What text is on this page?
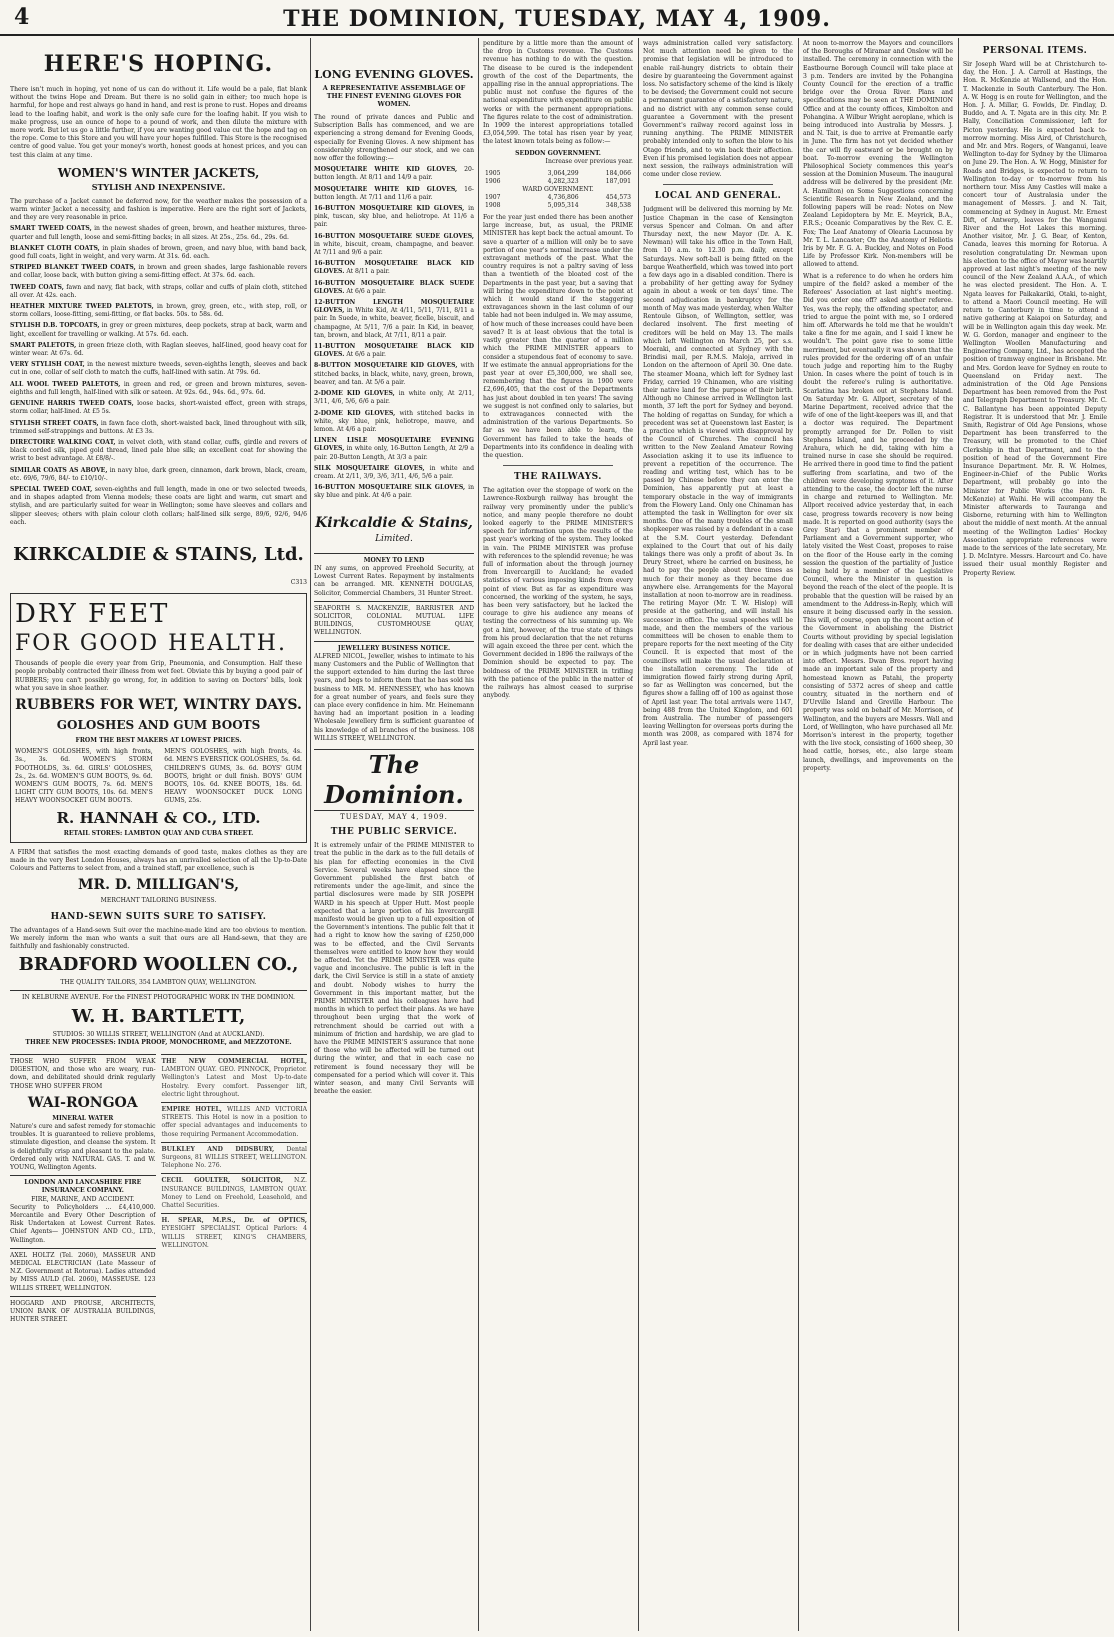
4	THE DOMINION, TUESDAY, MAY 4, 1909.
HERE'S HOPING.

There isn't much in hoping, yet none of us can do without it. Life would be a pale, flat blank without the twins Hope and Dream. But there is no solid gain in either; too much hope is harmful, for hope and rest always go hand in hand, and rest is prone to rust. Hopes and dreams lead to the loafing habit, and work is the only safe cure for the loafing habit. If you wish to make progress, use an ounce of hope to a pound of work, and then dilute the mixture with more work. But let us go a little further, if you are wanting good value cut the hope and tag on the rope. Come to this Store and you will have your hopes fulfilled. This Store is the recognised centre of good value. You get your money's worth, honest goods at honest prices, and you can test this claim at any time.

WOMEN'S WINTER JACKETS,
STYLISH AND INEXPENSIVE.

The purchase of a Jacket cannot be deferred now, for the weather makes the possession of a warm winter Jacket a necessity, and fashion is imperative. Here are the right sort of Jackets, and they are very reasonable in price.

SMART TWEED COATS, in the newest shades of green, brown, and heather mixtures, three-quarter and full length, loose and semi-fitting backs; in all sizes. At 25s., 25s. 6d., 29s. 6d.
BLANKET CLOTH COATS, in plain shades of brown, green, and navy blue, with band back, good full coats, light in weight, and very warm. At 31s. 6d. each.
STRIPED BLANKET TWEED COATS, in brown and green shades, large fashionable revers and collar, loose back, with button giving a semi-fitting effect. At 37s. 6d. each.
TWEED COATS, fawn and navy, flat back, with straps, collar and cuffs of plain cloth, stitched all over. At 42s. each.
HEATHER MIXTURE TWEED PALETOTS, in brown, grey, green, etc., with step, roll, or storm collars, loose-fitting, semi-fitting, or flat backs. 50s. to 58s. 6d.
STYLISH D.B. TOPCOATS, in grey or green mixtures, deep pockets, strap at back, warm and light, excellent for travelling or walking. At 57s. 6d. each.
SMART PALETOTS, in green frieze cloth, with Raglan sleeves, half-lined, good heavy coat for winter wear. At 67s. 6d.
VERY STYLISH COAT, in the newest mixture tweeds, seven-eighths length, sleeves and back cut in one, collar of self cloth to match the cuffs, half-lined with satin. At 79s. 6d.
ALL WOOL TWEED PALETOTS, in green and red, or green and brown mixtures, seven-eighths and full length, half-lined with silk or sateen. At 92s. 6d., 94s. 6d., 97s. 6d.
GENUINE HARRIS TWEED COATS, loose backs, short-waisted effect, green with straps, storm collar, half-lined. At £5 5s.
STYLISH STREET COATS, in fawn face cloth, short-waisted back, lined throughout with silk, trimmed self-strappings and buttons. At £3 3s.
DIRECTOIRE WALKING COAT, in velvet cloth, with stand collar, cuffs, girdle and revers of black corded silk, piped gold thread, lined pale blue silk; an excellent coat for showing the wrist to best advantage. At £8/8/-.
SIMILAR COATS AS ABOVE, in navy blue, dark green, cinnamon, dark brown, black, cream, etc. 69/6, 79/6, 84/- to £10/10/-.
SPECIAL TWEED COAT, seven-eighths and full length, made in one or two selected tweeds, and in shapes adapted from Vienna models; these coats are light and warm, cut smart and stylish, and are particularly suited for wear in Wellington; some have sleeves and collars and slipper sleeves; others with plain colour cloth collars; half-lined silk serge, 89/6, 92/6, 94/6 each.
KIRKCALDIE & STAINS, Ltd.
C313
DRY FEET
FOR GOOD HEALTH.

Thousands of people die every year from Grip, Pneumonia, and Consumption. Half these people probably contracted their illness from wet feet. Obviate this by buying a good pair of RUBBERS; you can't possibly go wrong, for, in addition to saving on Doctors' bills, look what you save in shoe leather.

RUBBERS FOR WET, WINTRY DAYS.
GOLOSHES AND GUM BOOTS
FROM THE BEST MAKERS AT LOWEST PRICES.
WOMEN'S GOLOSHES, with high fronts, 3s., 3s. 6d. WOMEN'S STORM FOOTHOLDS, 3s. 6d. GIRLS' GOLOSHES, 2s., 2s. 6d. WOMEN'S GUM BOOTS, 9s. 6d. WOMEN'S GUM BOOTS, 7s. 6d. MEN'S LIGHT CITY GUM BOOTS, 10s. 6d. MEN'S HEAVY WOONSOCKET GUM BOOTS.
MEN'S GOLOSHES, with high fronts, 4s. 6d. MEN'S EVERSTICK GOLOSHES, 5s. 6d. CHILDREN'S GUMS, 3s. 6d. BOYS' GUM BOOTS, bright or dull finish. BOYS' GUM BOOTS, 10s. 6d. KNEE BOOTS, 18s. 6d. HEAVY WOONSOCKET DUCK LONG GUMS, 25s.
R. HANNAH & CO., LTD.
RETAIL STORES: LAMBTON QUAY AND CUBA STREET.

A FIRM that satisfies the most exacting demands of good taste, makes clothes as they are made in the very Best London Houses, always has an unrivalled selection of all the Up-to-Date Colours and Patterns to select from, and a trained staff, par excellence, such is

MR. D. MILLIGAN'S,
MERCHANT TAILORING BUSINESS.
HAND-SEWN SUITS SURE TO SATISFY.

The advantages of a Hand-sewn Suit over the machine-made kind are too obvious to mention. We merely inform the man who wants a suit that ours are all Hand-sewn, that they are faithfully and fashionably constructed.

BRADFORD WOOLLEN CO.,
THE QUALITY TAILORS, 354 LAMBTON QUAY, WELLINGTON.
IN KELBURNE AVENUE. For the FINEST PHOTOGRAPHIC WORK IN THE DOMINION.
W. H. BARTLETT,
STUDIOS: 30 WILLIS STREET, WELLINGTON (And at AUCKLAND).
THREE NEW PROCESSES: INDIA PROOF, MONOCHROME, and MEZZOTONE.
THOSE WHO SUFFER FROM WEAK DIGESTION, and those who are weary, run-down, and debilitated should drink regularly THOSE WHO SUFFER FROM
WAI-RONGOA
MINERAL WATER

Nature's cure and safest remedy for stomachic troubles. It is guaranteed to relieve problems, stimulate digestion, and cleanse the system. It is delightfully crisp and pleasant to the palate. Ordered only with NATURAL GAS. T. and W. YOUNG, Wellington Agents.

LONDON AND LANCASHIRE FIRE INSURANCE COMPANY.
FIRE, MARINE, AND ACCIDENT.

Security to Policyholders ... £4,410,000. Mercantile and Every Other Description of Risk Undertaken at Lowest Current Rates. Chief Agents— JOHNSTON AND CO., LTD., Wellington.

AXEL HOLTZ (Tel. 2060), MASSEUR AND MEDICAL ELECTRICIAN (Late Masseur of N.Z. Government at Rotorua). Ladies attended by MISS AULD (Tel. 2060), MASSEUSE. 123 WILLIS STREET, WELLINGTON.
HOGGARD AND PROUSE, ARCHITECTS, UNION BANK OF AUSTRALIA BUILDINGS, HUNTER STREET.

THE NEW COMMERCIAL HOTEL, LAMBTON QUAY. GEO. PINNOCK, Proprietor. Wellington's Latest and Most Up-to-date Hostelry. Every comfort. Passenger lift, electric light throughout.

EMPIRE HOTEL, WILLIS AND VICTORIA STREETS. This Hotel is now in a position to offer special advantages and inducements to those requiring Permanent Accommodation.

BULKLEY AND DIDSBURY, Dental Surgeons, 81 WILLIS STREET, WELLINGTON. Telephone No. 276.

CECIL GOULTER, SOLICITOR, N.Z. INSURANCE BUILDINGS, LAMBTON QUAY. Money to Lend on Freehold, Leasehold, and Chattel Securities.

H. SPEAR, M.P.S., Dr. of OPTICS, EYESIGHT SPECIALIST. Optical Parlors: 4 WILLIS STREET, KING'S CHAMBERS, WELLINGTON.

LONG EVENING GLOVES.
A REPRESENTATIVE ASSEMBLAGE OF THE FINEST EVENING GLOVES FOR WOMEN.

The round of private dances and Public and Subscription Balls has commenced, and we are experiencing a strong demand for Evening Goods, especially for Evening Gloves. A new shipment has considerably strengthened our stock, and we can now offer the following:—

MOSQUETAIRE WHITE KID GLOVES, 20-button length. At 8/11 and 14/9 a pair.
MOSQUETAIRE WHITE KID GLOVES, 16-button length. At 7/11 and 11/6 a pair.
16-BUTTON MOSQUETAIRE KID GLOVES, in pink, tuscan, sky blue, and heliotrope. At 11/6 a pair.
16-BUTTON MOSQUETAIRE SUEDE GLOVES, in white, biscuit, cream, champagne, and beaver. At 7/11 and 9/6 a pair.
16-BUTTON MOSQUETAIRE BLACK KID GLOVES. At 8/11 a pair.
16-BUTTON MOSQUETAIRE BLACK SUEDE GLOVES. At 6/6 a pair.
12-BUTTON LENGTH MOSQUETAIRE GLOVES, in White Kid, At 4/11, 5/11, 7/11, 8/11 a pair. In Suede, in white, beaver, ficelle, biscuit, and champagne, At 5/11, 7/6 a pair. In Kid, in beaver, tan, brown, and black, At 7/11, 8/11 a pair.
11-BUTTON MOSQUETAIRE BLACK KID GLOVES. At 6/6 a pair.
8-BUTTON MOSQUETAIRE KID GLOVES, with stitched backs, in black, white, navy, green, brown, beaver, and tan. At 5/6 a pair.
2-DOME KID GLOVES, in white only, At 2/11, 3/11, 4/6, 5/6, 6/6 a pair.
2-DOME KID GLOVES, with stitched backs in white, sky blue, pink, heliotrope, mauve, and lemon. At 4/6 a pair.
LINEN LISLE MOSQUETAIRE EVENING GLOVES, in white only, 16-Button Length, At 2/9 a pair. 20-Button Length, At 3/3 a pair.
SILK MOSQUETAIRE GLOVES, in white and cream. At 2/11, 3/9, 3/6, 3/11, 4/6, 5/6 a pair.
16-BUTTON MOSQUETAIRE SILK GLOVES, in sky blue and pink. At 4/6 a pair.
Kirkcaldie & Stains,
Limited.
MONEY TO LEND

IN any sums, on approved Freehold Security, at Lowest Current Rates. Repayment by instalments can be arranged. MR. KENNETH DOUGLAS, Solicitor, Commercial Chambers, 31 Hunter Street.

SEAFORTH S. MACKENZIE, BARRISTER AND SOLICITOR, COLONIAL MUTUAL LIFE BUILDINGS, CUSTOMHOUSE QUAY, WELLINGTON.
JEWELLERY BUSINESS NOTICE.

ALFRED NICOL, Jeweller, wishes to intimate to his many Customers and the Public of Wellington that the support extended to him during the last three years, and begs to inform them that he has sold his business to MR. M. HENNESSEY, who has known for a great number of years, and feels sure they can place every confidence in him. Mr. Heinemann having had an important position in a leading Wholesale Jewellery firm is sufficient guarantee of his knowledge of all branches of the business. 108 WILLIS STREET, WELLINGTON.

The Dominion.
TUESDAY, MAY 4, 1909.
THE PUBLIC SERVICE.

It is extremely unfair of the PRIME MINISTER to treat the public in the dark as to the full details of his plan for effecting economies in the Civil Service. Several weeks have elapsed since the Government published the first batch of retirements under the age-limit, and since the partial disclosures were made by SIR JOSEPH WARD in his speech at Upper Hutt. Most people expected that a large portion of his Invercargill manifesto would be given up to a full exposition of the Government's intentions. The public felt that it had a right to know how the saving of £250,000 was to be effected, and the Civil Servants themselves were entitled to know how they would be affected. Yet the PRIME MINISTER was quite vague and inconclusive. The public is left in the dark, the Civil Service is still in a state of anxiety and doubt. Nobody wishes to hurry the Government in this important matter, but the PRIME MINISTER and his colleagues have had months in which to perfect their plans. As we have throughout been urging that the work of retrenchment should be carried out with a minimum of friction and hardship, we are glad to have the PRIME MINISTER'S assurance that none of those who will be affected will be turned out during the winter, and that in each case no retirement is found necessary they will be compensated for a period which will cover it. This winter season, and many Civil Servants will breathe the easier.

penditure by a little more than the amount of the drop in Customs revenue. The Customs revenue has nothing to do with the question. The disease to be cured is the independent growth of the cost of the Departments, the appalling rise in the annual appropriations. The public must not confuse the figures of the national expenditure with expenditure on public works or with the permanent appropriations. The figures relate to the cost of administration. In 1909 the interest appropriations totalled £3,054,599. The total has risen year by year, the latest known totals being as follow:—

SEDDON GOVERNMENT.
Increase over previous year.
1905	3,064,299	184,066
1906	4,282,323	187,091
WARD GOVERNMENT.		
1907	4,736,806	454,573
1908	5,095,314	348,538

For the year just ended there has been another large increase, but, as usual, the PRIME MINISTER has kept back the actual amount. To save a quarter of a million will only be to save portion of one year's normal increase under the extravagant methods of the past. What the country requires is not a paltry saving of less than a twentieth of the bloated cost of the Departments in the past year, but a saving that will bring the expenditure down to the point at which it would stand if the staggering extravagances shown in the last column of our table had not been indulged in. We may assume, of how much of these increases could have been saved? It is at least obvious that the total is vastly greater than the quarter of a million which the PRIME MINISTER appears to consider a stupendous feat of economy to save. If we estimate the annual appropriations for the past year at over £5,300,000, we shall see, remembering that the figures in 1900 were £2,696,405, that the cost of the Departments has just about doubled in ten years! The saving we suggest is not confined only to salaries, but to extravagances connected with the administration of the various Departments. So far as we have been able to learn, the Government has failed to take the heads of Departments into its confidence in dealing with the question.

THE RAILWAYS.

The agitation over the stoppage of work on the Lawrence-Roxburgh railway has brought the railway very prominently under the public's notice, and many people therefore no doubt looked eagerly to the PRIME MINISTER'S speech for information upon the results of the past year's working of the system. They looked in vain. The PRIME MINISTER was profuse with references to the splendid revenue; he was full of information about the through journey from Invercargill to Auckland; he evaded statistics of various imposing kinds from every point of view. But as far as expenditure was concerned, the working of the system, he says, has been very satisfactory, but he lacked the courage to give his audience any means of testing the correctness of his summing up. We got a hint, however, of the true state of things from his proud declaration that the net returns will again exceed the three per cent. which the Government decided in 1896 the railways of the Dominion should be expected to pay. The boldness of the PRIME MINISTER in trifling with the patience of the public in the matter of the railways has almost ceased to surprise anybody.

ways administration called very satisfactory. Not much attention need be given to the promise that legislation will be introduced to enable rail-hungry districts to obtain their desire by guaranteeing the Government against loss. No satisfactory scheme of the kind is likely to be devised; the Government could not secure a permanent guarantee of a satisfactory nature, and no district with any common sense could guarantee a Government with the present Government's railway record against loss in running anything. The PRIME MINISTER probably intended only to soften the blow to his Otago friends, and to win back their affection. Even if his promised legislation does not appear next session, the railways administration will come under close review.

LOCAL AND GENERAL.

Judgment will be delivered this morning by Mr. Justice Chapman in the case of Kensington versus Spencer and Colman. On and after Thursday next, the new Mayor (Dr. A. K. Newman) will take his office in the Town Hall, from 10 a.m. to 12.30 p.m. daily, except Saturdays. New soft-ball is being fitted on the barque Weatherfield, which was towed into port a few days ago in a disabled condition. There is a probability of her getting away for Sydney again in about a week or ten days' time. The second adjudication in bankruptcy for the month of May was made yesterday, when Walter Rentoule Gibson, of Wellington, settler, was declared insolvent. The first meeting of creditors will be held on May 13. The mails which left Wellington on March 25, per s.s. Moeraki, and connected at Sydney with the Brindisi mail, per R.M.S. Maloja, arrived in London on the afternoon of April 30. One date. The steamer Moana, which left for Sydney last Friday, carried 19 Chinamen, who are visiting their native land for the purpose of their birth. Although no Chinese arrived in Wellington last month, 37 left the port for Sydney and beyond. The holding of regattas on Sunday, for which a precedent was set at Queenstown last Easter, is a practice which is viewed with disapproval by the Council of Churches. The council has written to the New Zealand Amateur Rowing Association asking it to use its influence to prevent a repetition of the occurrence. The reading and writing test, which has to be passed by Chinese before they can enter the Dominion, has apparently put at least a temporary obstacle in the way of immigrants from the Flowery Land. Only one Chinaman has attempted the task in Wellington for over six months. One of the many troubles of the small shopkeeper was raised by a defendant in a case at the S.M. Court yesterday. Defendant explained to the Court that out of his daily takings there was only a profit of about 3s. In Drury Street, where he carried on business, he had to pay the people about three times as much for their money as they became due anywhere else. Arrangements for the Mayoral installation at noon to-morrow are in readiness. The retiring Mayor (Mr. T. W. Hislop) will preside at the gathering, and will install his successor in office. The usual speeches will be made, and then the members of the various committees will be chosen to enable them to prepare reports for the next meeting of the City Council. It is expected that most of the councillors will make the usual declaration at the installation ceremony. The tide of immigration flowed fairly strong during April, so far as Wellington was concerned, but the figures show a falling off of 100 as against those of April last year. The total arrivals were 1147, being 488 from the United Kingdom, and 601 from Australia. The number of passengers leaving Wellington for overseas ports during the month was 2008, as compared with 1874 for April last year.

At noon to-morrow the Mayors and councillors of the Boroughs of Miramar and Onslow will be installed. The ceremony in connection with the Eastbourne Borough Council will take place at 3 p.m. Tenders are invited by the Pohangina County Council for the erection of a traffic bridge over the Oroua River. Plans and specifications may be seen at THE DOMINION Office and at the county offices, Kimbolton and Pohangina. A Wilbur Wright aeroplane, which is being introduced into Australia by Messrs. J. and N. Tait, is due to arrive at Fremantle early in June. The firm has not yet decided whether the car will fly eastward or be brought on by boat. To-morrow evening the Wellington Philosophical Society commences this year's session at the Dominion Museum. The inaugural address will be delivered by the president (Mr. A. Hamilton) on Some Suggestions concerning Scientific Research in New Zealand, and the following papers will be read: Notes on New Zealand Lepidoptera by Mr. E. Meyrick, B.A., F.R.S.; Oceanic Comparatives by the Rev. C. E. Fox; The Leaf Anatomy of Olearia Lacunosa by Mr. T. L. Lancaster; On the Anatomy of Heliotis Iris by Mr. F. G. A. Buckley, and Notes on Food Life by Professor Kirk. Non-members will be allowed to attend.

What is a reference to do when he orders him umpire of the field? asked a member of the Referees' Association at last night's meeting. Did you order one off? asked another referee. Yes, was the reply, the offending spectator, and tried to argue the point with me, so I ordered him off. Afterwards he told me that he wouldn't take a fine for me again, and I said I knew he wouldn't. The point gave rise to some little merriment, but eventually it was shown that the rules provided for the ordering off of an unfair touch judge and reporting him to the Rugby Union. In cases where the point of touch is in doubt the referee's ruling is authoritative. Scarlatina has broken out at Stephens Island. On Saturday Mr. G. Allport, secretary of the Marine Department, received advice that the wife of one of the light-keepers was ill, and that a doctor was required. The Department promptly arranged for Dr. Pollen to visit Stephens Island, and he proceeded by the Arahura, which he did, taking with him a trained nurse in case she should be required. He arrived there in good time to find the patient suffering from scarlatina, and two of the children were developing symptoms of it. After attending to the case, the doctor left the nurse in charge and returned to Wellington. Mr. Allport received advice yesterday that, in each case, progress towards recovery is now being made. It is reported on good authority (says the Grey Star) that a prominent member of Parliament and a Government supporter, who lately visited the West Coast, proposes to raise on the floor of the House early in the coming session the question of the partiality of Justice being held by a member of the Legislative Council, where the Minister in question is beyond the reach of the elect of the people. It is probable that the question will be raised by an amendment to the Address-in-Reply, which will ensure it being discussed early in the session. This will, of course, open up the recent action of the Government in abolishing the District Courts without providing by special legislation for dealing with cases that are either undecided or in which judgments have not been carried into effect. Messrs. Dwan Bros. report having made an important sale of the property and homestead known as Patahi, the property consisting of 5372 acres of sheep and cattle country, situated in the northern end of D'Urville Island and Greville Harbour. The property was sold on behalf of Mr. Morrison, of Wellington, and the buyers are Messrs. Wall and Lord, of Wellington, who have purchased all Mr. Morrison's interest in the property, together with the live stock, consisting of 1600 sheep, 30 head cattle, horses, etc., also large steam launch, dwellings, and improvements on the property.

PERSONAL ITEMS.

Sir Joseph Ward will be at Christchurch to-day, the Hon. J. A. Carroll at Hastings, the Hon. R. McKenzie at Wallsend, and the Hon. T. Mackenzie in South Canterbury. The Hon. A. W. Hogg is en route for Wellington, and the Hon. J. A. Millar, G. Fowlds, Dr. Findlay, D. Buddo, and A. T. Ngata are in this city. Mr. P. Hally, Conciliation Commissioner, left for Picton yesterday. He is expected back to-morrow morning. Miss Aird, of Christchurch, and Mr. and Mrs. Rogers, of Wanganui, leave Wellington to-day for Sydney by the Ulimaroa on June 29. The Hon. A. W. Hogg, Minister for Roads and Bridges, is expected to return to Wellington to-day or to-morrow from his northern tour. Miss Amy Castles will make a concert tour of Australasia under the management of Messrs. J. and N. Tait, commencing at Sydney in August. Mr. Ernest Dift, of Antwerp, leaves for the Wanganui River and the Hot Lakes this morning. Another visitor, Mr. J. G. Bear, of Kenton, Canada, leaves this morning for Rotorua. A resolution congratulating Dr. Newman upon his election to the office of Mayor was heartily approved at last night's meeting of the new council of the New Zealand A.A.A., of which he was elected president. The Hon. A. T. Ngata leaves for Paikakariki, Otaki, to-night, to attend a Maori Council meeting. He will return to Canterbury in time to attend a native gathering at Kaiapoi on Saturday, and will be in Wellington again this day week. Mr. W. G. Gordon, manager and engineer to the Wellington Woollen Manufacturing and Engineering Company, Ltd., has accepted the position of tramway engineer in Brisbane. Mr. and Mrs. Gordon leave for Sydney en route to Queensland on Friday next. The administration of the Old Age Pensions Department has been removed from the Post and Telegraph Department to Treasury. Mr. C. C. Ballantyne has been appointed Deputy Registrar. It is understood that Mr. J. Emile Smith, Registrar of Old Age Pensions, whose Department has been transferred to the Treasury, will be promoted to the Chief Clerkship in that Department, and to the position of head of the Government Fire Insurance Department. Mr. R. W. Holmes, Engineer-in-Chief of the Public Works Department, will probably go into the Minister for Public Works (the Hon. R. McKenzie) at Waihi. He will accompany the Minister afterwards to Tauranga and Gisborne, returning with him to Wellington about the middle of next month. At the annual meeting of the Wellington Ladies' Hockey Association appropriate references were made to the services of the late secretary, Mr. J. D. McIntyre. Messrs. Harcourt and Co. have issued their usual monthly Register and Property Review.
